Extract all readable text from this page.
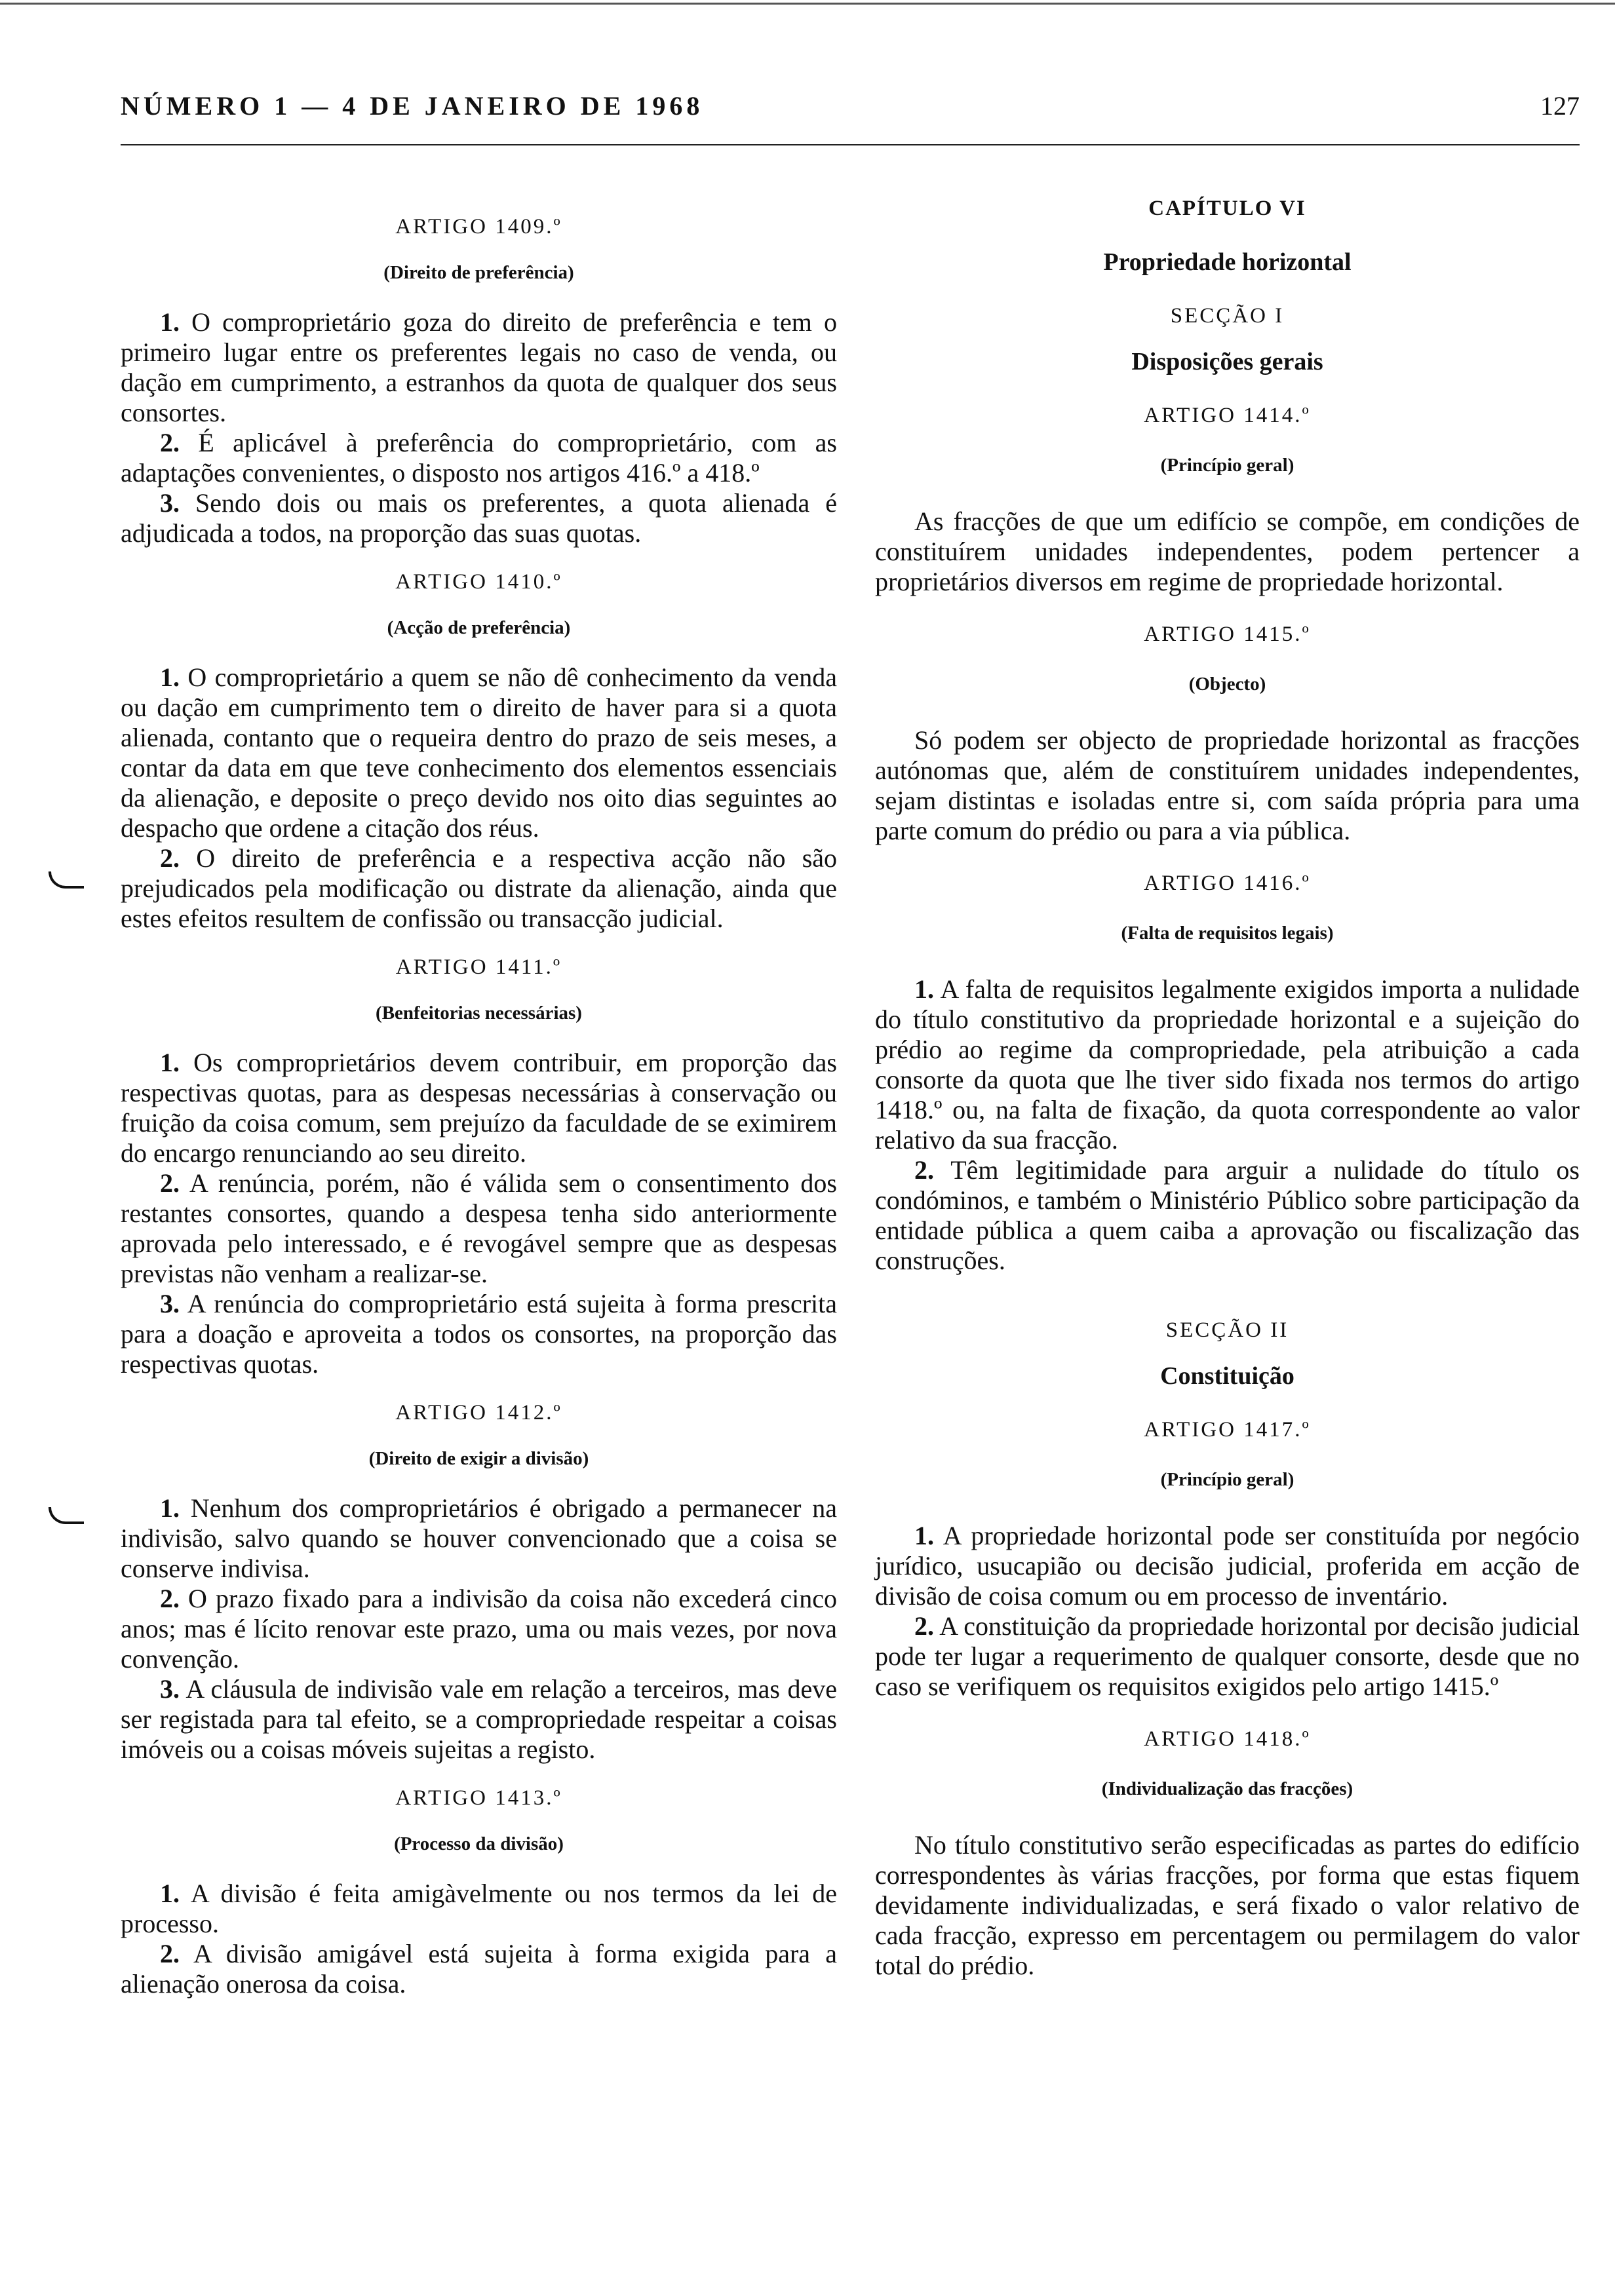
NÚMERO 1 — 4 DE JANEIRO DE 1968	127
ARTIGO 1409.º
(Direito de preferência)

1. O comproprietário goza do direito de preferência e tem o primeiro lugar entre os preferentes legais no caso de venda, ou dação em cumprimento, a estranhos da quota de qualquer dos seus consortes.

2. É aplicável à preferência do comproprietário, com as adaptações convenientes, o disposto nos artigos 416.º a 418.º

3. Sendo dois ou mais os preferentes, a quota alienada é adjudicada a todos, na proporção das suas quotas.

ARTIGO 1410.º
(Acção de preferência)

1. O comproprietário a quem se não dê conhecimento da venda ou dação em cumprimento tem o direito de haver para si a quota alienada, contanto que o requeira dentro do prazo de seis meses, a contar da data em que teve conhecimento dos elementos essenciais da alienação, e deposite o preço devido nos oito dias seguintes ao despacho que ordene a citação dos réus.

2. O direito de preferência e a respectiva acção não são prejudicados pela modificação ou distrate da alienação, ainda que estes efeitos resultem de confissão ou transacção judicial.

ARTIGO 1411.º
(Benfeitorias necessárias)

1. Os comproprietários devem contribuir, em proporção das respectivas quotas, para as despesas necessárias à conservação ou fruição da coisa comum, sem prejuízo da faculdade de se eximirem do encargo renunciando ao seu direito.

2. A renúncia, porém, não é válida sem o consentimento dos restantes consortes, quando a despesa tenha sido anteriormente aprovada pelo interessado, e é revogável sempre que as despesas previstas não venham a realizar-se.

3. A renúncia do comproprietário está sujeita à forma prescrita para a doação e aproveita a todos os consortes, na proporção das respectivas quotas.

ARTIGO 1412.º
(Direito de exigir a divisão)

1. Nenhum dos comproprietários é obrigado a permanecer na indivisão, salvo quando se houver convencionado que a coisa se conserve indivisa.

2. O prazo fixado para a indivisão da coisa não excederá cinco anos; mas é lícito renovar este prazo, uma ou mais vezes, por nova convenção.

3. A cláusula de indivisão vale em relação a terceiros, mas deve ser registada para tal efeito, se a compropriedade respeitar a coisas imóveis ou a coisas móveis sujeitas a registo.

ARTIGO 1413.º
(Processo da divisão)

1. A divisão é feita amigàvelmente ou nos termos da lei de processo.

2. A divisão amigável está sujeita à forma exigida para a alienação onerosa da coisa.

CAPÍTULO VI
Propriedade horizontal
SECÇÃO I
Disposições gerais
ARTIGO 1414.º
(Princípio geral)

As fracções de que um edifício se compõe, em condições de constituírem unidades independentes, podem pertencer a proprietários diversos em regime de propriedade horizontal.

ARTIGO 1415.º
(Objecto)

Só podem ser objecto de propriedade horizontal as fracções autónomas que, além de constituírem unidades independentes, sejam distintas e isoladas entre si, com saída própria para uma parte comum do prédio ou para a via pública.

ARTIGO 1416.º
(Falta de requisitos legais)

1. A falta de requisitos legalmente exigidos importa a nulidade do título constitutivo da propriedade horizontal e a sujeição do prédio ao regime da compropriedade, pela atribuição a cada consorte da quota que lhe tiver sido fixada nos termos do artigo 1418.º ou, na falta de fixação, da quota correspondente ao valor relativo da sua fracção.

2. Têm legitimidade para arguir a nulidade do título os condóminos, e também o Ministério Público sobre participação da entidade pública a quem caiba a aprovação ou fiscalização das construções.

SECÇÃO II
Constituição
ARTIGO 1417.º
(Princípio geral)

1. A propriedade horizontal pode ser constituída por negócio jurídico, usucapião ou decisão judicial, proferida em acção de divisão de coisa comum ou em processo de inventário.

2. A constituição da propriedade horizontal por decisão judicial pode ter lugar a requerimento de qualquer consorte, desde que no caso se verifiquem os requisitos exigidos pelo artigo 1415.º

ARTIGO 1418.º
(Individualização das fracções)

No título constitutivo serão especificadas as partes do edifício correspondentes às várias fracções, por forma que estas fiquem devidamente individualizadas, e será fixado o valor relativo de cada fracção, expresso em percentagem ou permilagem do valor total do prédio.
